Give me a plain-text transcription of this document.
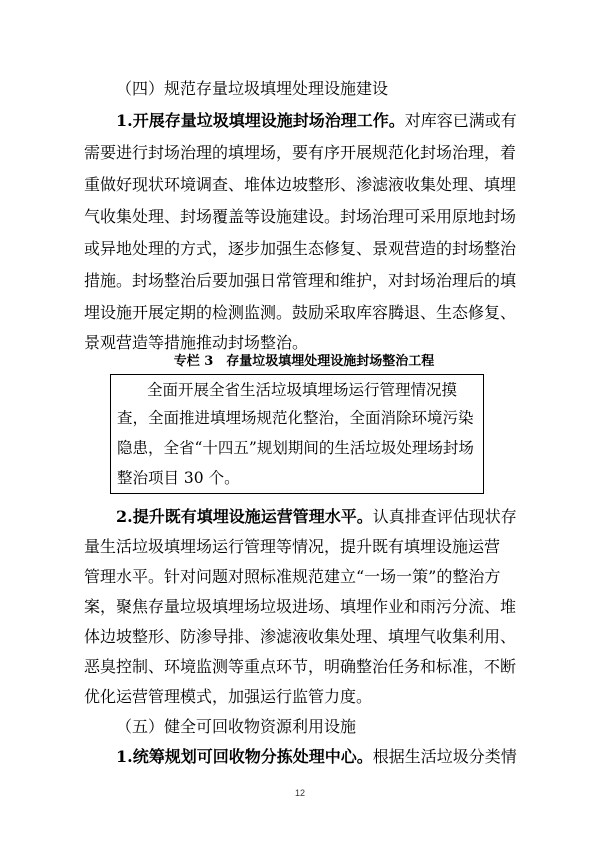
（四）规范存量垃圾填埋处理设施建设
1.开展存量垃圾填埋设施封场治理工作。对库容已满或有
需要进行封场治理的填埋场，要有序开展规范化封场治理，着
重做好现状环境调查、堆体边坡整形、渗滤液收集处理、填埋
气收集处理、封场覆盖等设施建设。封场治理可采用原地封场
或异地处理的方式，逐步加强生态修复、景观营造的封场整治
措施。封场整治后要加强日常管理和维护，对封场治理后的填
埋设施开展定期的检测监测。鼓励采取库容腾退、生态修复、
景观营造等措施推动封场整治。
专栏 3　存量垃圾填埋处理设施封场整治工程
全面开展全省生活垃圾填埋场运行管理情况摸
查，全面推进填埋场规范化整治，全面消除环境污染
隐患，全省“十四五”规划期间的生活垃圾处理场封场
整治项目 30 个。
2.提升既有填埋设施运营管理水平。认真排查评估现状存
量生活垃圾填埋场运行管理等情况，提升既有填埋设施运营
管理水平。针对问题对照标准规范建立“一场一策”的整治方
案，聚焦存量垃圾填埋场垃圾进场、填埋作业和雨污分流、堆
体边坡整形、防渗导排、渗滤液收集处理、填埋气收集利用、
恶臭控制、环境监测等重点环节，明确整治任务和标准，不断
优化运营管理模式，加强运行监管力度。
（五）健全可回收物资源利用设施
1.统筹规划可回收物分拣处理中心。根据生活垃圾分类情
12
